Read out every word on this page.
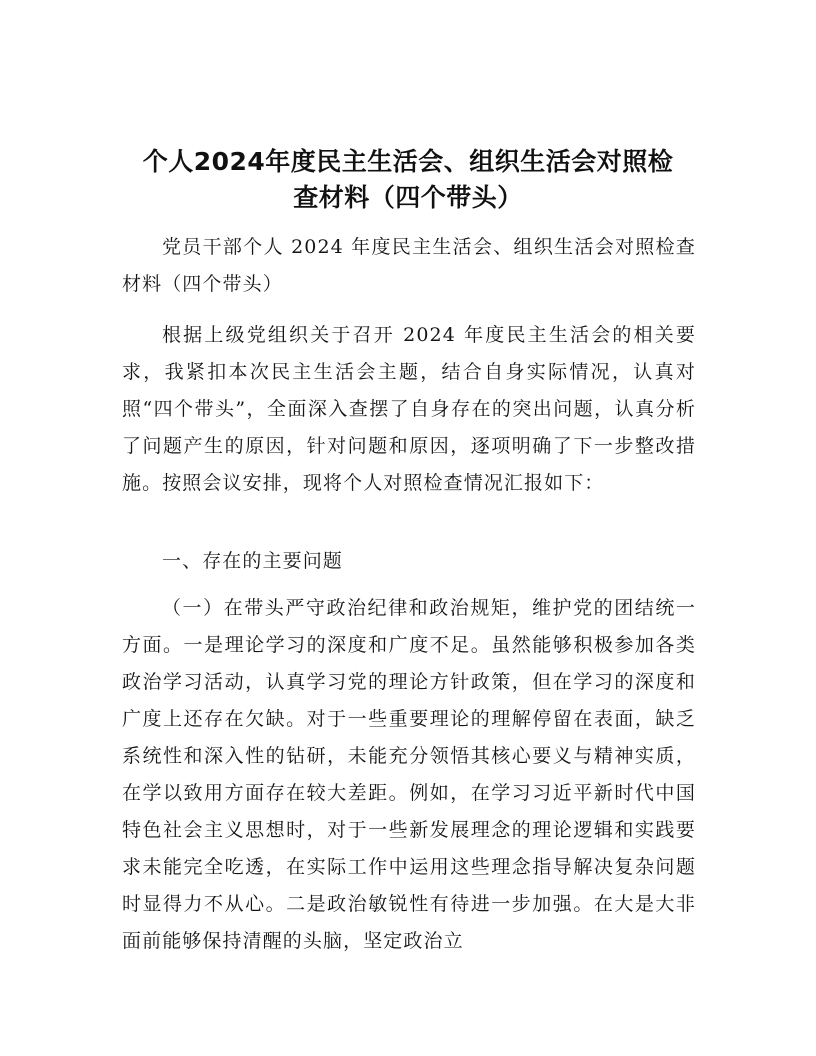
个人2024年度民主生活会、组织生活会对照检
查材料（四个带头）

党员干部个人 2024 年度民主生活会、组织生活会对照检查材料（四个带头）

根据上级党组织关于召开 2024 年度民主生活会的相关要求，我紧扣本次民主生活会主题，结合自身实际情况，认真对照“四个带头”，全面深入查摆了自身存在的突出问题，认真分析了问题产生的原因，针对问题和原因，逐项明确了下一步整改措施。按照会议安排，现将个人对照检查情况汇报如下：

一、存在的主要问题

（一）在带头严守政治纪律和政治规矩，维护党的团结统一方面。一是理论学习的深度和广度不足。虽然能够积极参加各类政治学习活动，认真学习党的理论方针政策，但在学习的深度和广度上还存在欠缺。对于一些重要理论的理解停留在表面，缺乏系统性和深入性的钻研，未能充分领悟其核心要义与精神实质，在学以致用方面存在较大差距。例如，在学习习近平新时代中国特色社会主义思想时，对于一些新发展理念的理论逻辑和实践要求未能完全吃透，在实际工作中运用这些理念指导解决复杂问题时显得力不从心。二是政治敏锐性有待进一步加强。在大是大非面前能够保持清醒的头脑，坚定政治立
